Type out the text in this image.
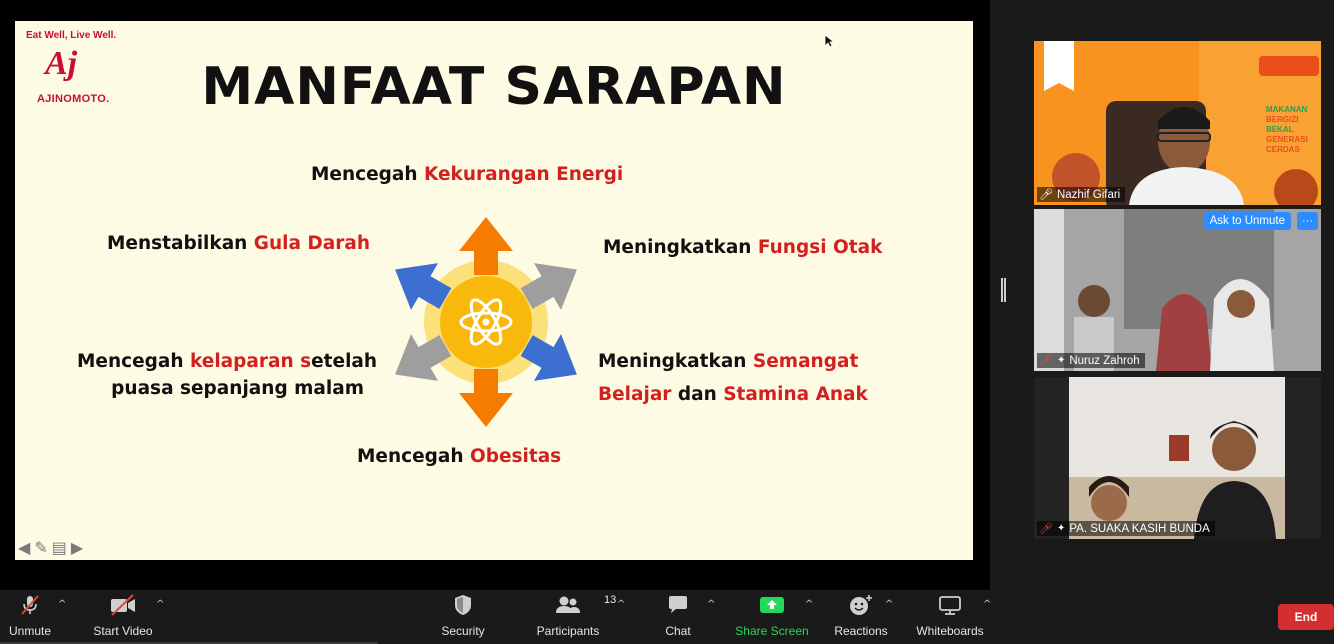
Eat Well, Live Well.
Aj
AJINOMOTO.	MANFAAT SARAPAN
Mencegah Kekurangan Energi
Menstabilkan Gula Darah	Meningkatkan Fungsi Otak
Mencegah kelaparan setelah
puasa sepanjang malam
Meningkatkan Semangat
Belajar dan Stamina Anak
Mencegah Obesitas
◀ ✎ ▤ ▶
MAKANAN
BERGIZI
BEKAL
GENERASI
CERDAS
🎤︎ Nazhif Gifari
Ask to Unmute	···
🎤︎ ✦ Nuruz Zahroh
🎤︎ ✦ PA. SUAKA KASIH BUNDA
Unmute
^
Start Video
^
Security
13
Participants
^
Chat
^
Share Screen
^
Reactions
^
Whiteboards
^
End
